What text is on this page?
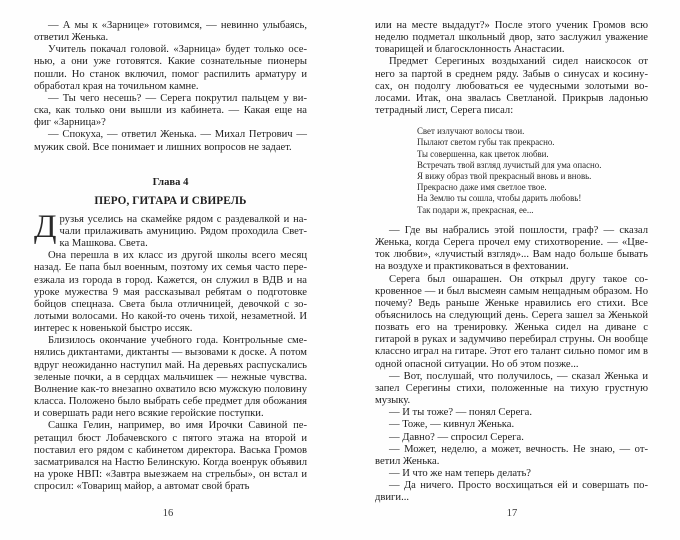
— А мы к «Зарнице» готовимся, — невинно улыбаясь, ответил Женька.

Учитель покачал головой. «Зарница» будет только осенью, а они уже готовятся. Какие сознательные пионеры пошли. Но станок включил, помог распилить арматуру и обработал края на точильном камне.

— Ты чего несешь? — Серега покрутил пальцем у виска, как только они вышли из кабинета. — Какая еще на фиг «Зарница»?

— Спокуха, — ответил Женька. — Михал Петрович — мужик свой. Все понимает и лишних вопросов не задает.

Глава 4
ПЕРО, ГИТАРА И СВИРЕЛЬ

Друзья уселись на скамейке рядом с раздевалкой и начали прилаживать амуницию. Рядом проходила Светка Машкова. Света.

Она перешла в их класс из другой школы всего месяц назад. Ее папа был военным, поэтому их семья часто переезжала из города в город. Кажется, он служил в ВДВ и на уроке мужества 9 мая рассказывал ребятам о подготовке бойцов спецназа. Света была отличницей, девочкой с золотыми волосами. Но какой-то очень тихой, незаметной. И интерес к новенькой быстро иссяк.

Близилось окончание учебного года. Контрольные сменялись диктантами, диктанты — вызовами к доске. А потом вдруг неожиданно наступил май. На деревьях распускались зеленые почки, а в сердцах мальчишек — нежные чувства. Волнение как-то внезапно охватило всю мужскую половину класса. Положено было выбрать себе предмет для обожания и совершать ради него всякие геройские поступки.

Сашка Гелин, например, во имя Ирочки Савиной перетащил бюст Лобачевского с пятого этажа на второй и поставил его рядом с кабинетом директора. Васька Громов засматривался на Настю Белинскую. Когда военрук объявил на уроке НВП: «Завтра выезжаем на стрельбы», он встал и спросил: «Товарищ майор, а автомат свой брать

16

или на месте выдадут?» После этого ученик Громов всю неделю подметал школьный двор, зато заслужил уважение товарищей и благосклонность Анастасии.

Предмет Серегиных воздыханий сидел наискосок от него за партой в среднем ряду. Забыв о синусах и косинусах, он подолгу любоваться ее чудесными золотыми волосами. Итак, она звалась Светланой. Прикрыв ладонью тетрадный лист, Серега писал:

Свет излучают волосы твои.
Пылают светом губы так прекрасно.
Ты совершенна, как цветок любви.
Встречать твой взгляд лучистый для ума опасно.
Я вижу образ твой прекрасный вновь и вновь.
Прекрасно даже имя светлое твое.
На Землю ты сошла, чтобы дарить любовь!
Так подари ж, прекрасная, ее...

— Где вы набрались этой пошлости, граф? — сказал Женька, когда Серега прочел ему стихотворение. — «Цветок любви», «лучистый взгляд»... Вам надо больше бывать на воздухе и практиковаться в фехтовании.

Серега был ошарашен. Он открыл другу такое сокровенное — и был высмеян самым нещадным образом. Но почему? Ведь раньше Женьке нравились его стихи. Все объяснилось на следующий день. Серега зашел за Женькой позвать его на тренировку. Женька сидел на диване с гитарой в руках и задумчиво перебирал струны. Он вообще классно играл на гитаре. Этот его талант сильно помог им в одной опасной ситуации. Но об этом позже...

— Вот, послушай, что получилось, — сказал Женька и запел Серегины стихи, положенные на тихую грустную музыку.

— И ты тоже? — понял Серега.

— Тоже, — кивнул Женька.

— Давно? — спросил Серега.

— Может, неделю, а может, вечность. Не знаю, — ответил Женька.

— И что же нам теперь делать?

— Да ничего. Просто восхищаться ей и совершать подвиги...

17
